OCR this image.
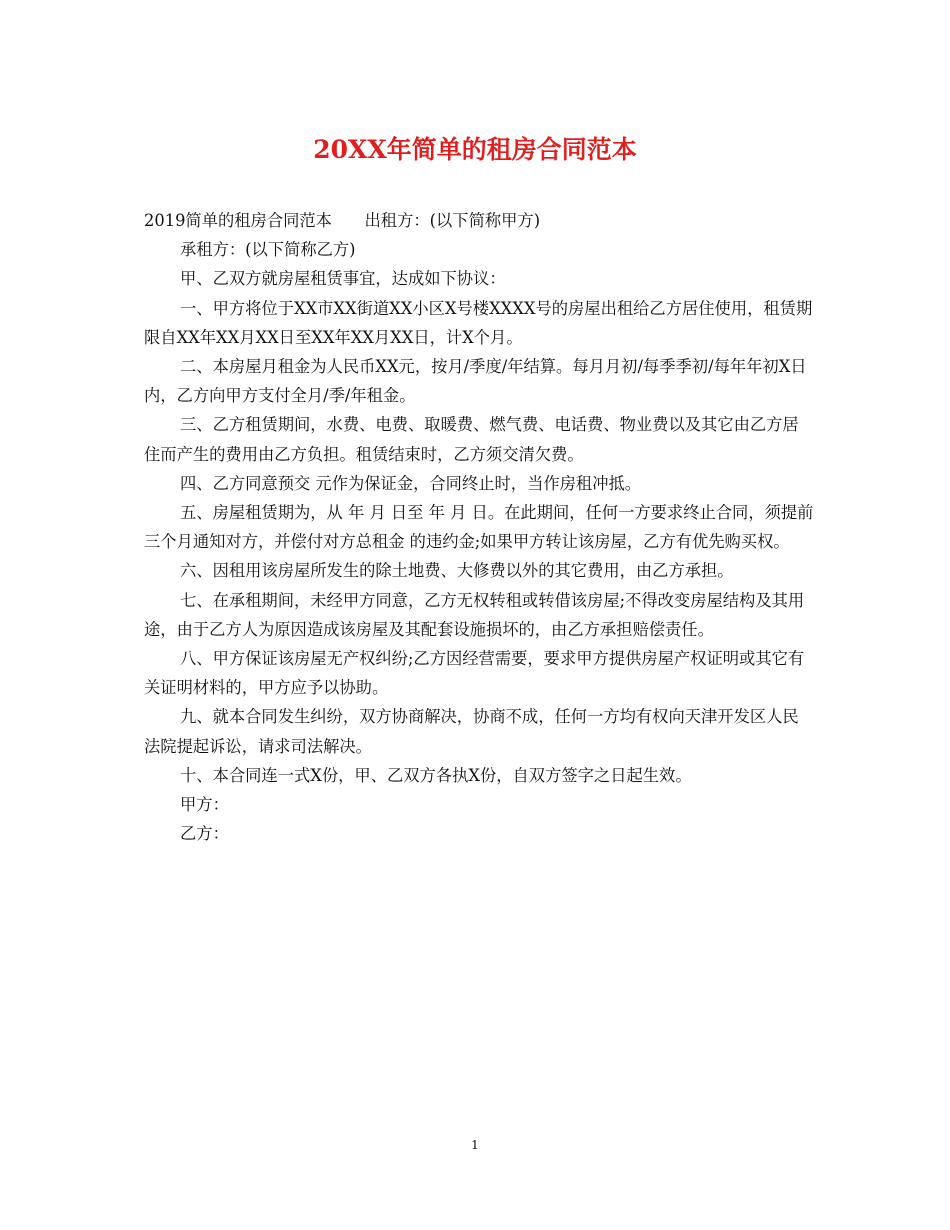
20XX年简单的租房合同范本

2019简单的租房合同范本　　出租方：(以下简称甲方)

承租方：(以下简称乙方)

甲、乙双方就房屋租赁事宜，达成如下协议：

一、甲方将位于XX市XX街道XX小区X号楼XXXX号的房屋出租给乙方居住使用，租赁期限自XX年XX月XX日至XX年XX月XX日，计X个月。

二、本房屋月租金为人民币XX元，按月/季度/年结算。每月月初/每季季初/每年年初X日内，乙方向甲方支付全月/季/年租金。

三、乙方租赁期间，水费、电费、取暖费、燃气费、电话费、物业费以及其它由乙方居住而产生的费用由乙方负担。租赁结束时，乙方须交清欠费。

四、乙方同意预交 元作为保证金，合同终止时，当作房租冲抵。

五、房屋租赁期为，从 年 月 日至 年 月 日。在此期间，任何一方要求终止合同，须提前三个月通知对方，并偿付对方总租金 的违约金;如果甲方转让该房屋，乙方有优先购买权。

六、因租用该房屋所发生的除土地费、大修费以外的其它费用，由乙方承担。

七、在承租期间，未经甲方同意，乙方无权转租或转借该房屋;不得改变房屋结构及其用途，由于乙方人为原因造成该房屋及其配套设施损坏的，由乙方承担赔偿责任。

八、甲方保证该房屋无产权纠纷;乙方因经营需要，要求甲方提供房屋产权证明或其它有关证明材料的，甲方应予以协助。

九、就本合同发生纠纷，双方协商解决，协商不成，任何一方均有权向天津开发区人民法院提起诉讼，请求司法解决。

十、本合同连一式X份，甲、乙双方各执X份，自双方签字之日起生效。

甲方：

乙方：

1
